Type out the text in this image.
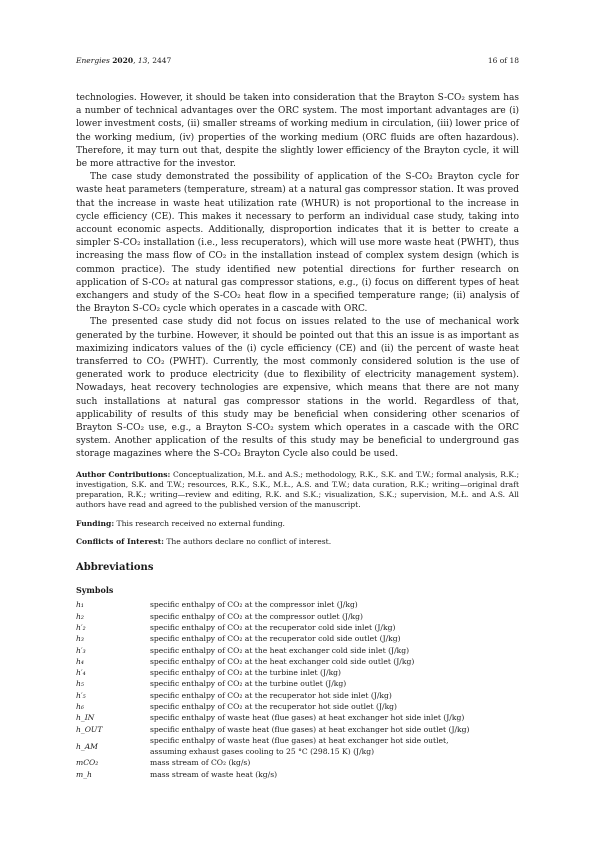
Energies 2020, 13, 2447	16 of 18

technologies. However, it should be taken into consideration that the Brayton S-CO₂ system has a number of technical advantages over the ORC system. The most important advantages are (i) lower investment costs, (ii) smaller streams of working medium in circulation, (iii) lower price of the working medium, (iv) properties of the working medium (ORC fluids are often hazardous). Therefore, it may turn out that, despite the slightly lower efficiency of the Brayton cycle, it will be more attractive for the investor.

The case study demonstrated the possibility of application of the S-CO₂ Brayton cycle for waste heat parameters (temperature, stream) at a natural gas compressor station. It was proved that the increase in waste heat utilization rate (WHUR) is not proportional to the increase in cycle efficiency (CE). This makes it necessary to perform an individual case study, taking into account economic aspects. Additionally, disproportion indicates that it is better to create a simpler S-CO₂ installation (i.e., less recuperators), which will use more waste heat (PWHT), thus increasing the mass flow of CO₂ in the installation instead of complex system design (which is common practice). The study identified new potential directions for further research on application of S-CO₂ at natural gas compressor stations, e.g., (i) focus on different types of heat exchangers and study of the S-CO₂ heat flow in a specified temperature range; (ii) analysis of the Brayton S-CO₂ cycle which operates in a cascade with ORC.

The presented case study did not focus on issues related to the use of mechanical work generated by the turbine. However, it should be pointed out that this an issue is as important as maximizing indicators values of the (i) cycle efficiency (CE) and (ii) the percent of waste heat transferred to CO₂ (PWHT). Currently, the most commonly considered solution is the use of generated work to produce electricity (due to flexibility of electricity management system). Nowadays, heat recovery technologies are expensive, which means that there are not many such installations at natural gas compressor stations in the world. Regardless of that, applicability of results of this study may be beneficial when considering other scenarios of Brayton S-CO₂ use, e.g., a Brayton S-CO₂ system which operates in a cascade with the ORC system. Another application of the results of this study may be beneficial to underground gas storage magazines where the S-CO₂ Brayton Cycle also could be used.

Author Contributions: Conceptualization, M.Ł. and A.S.; methodology, R.K., S.K. and T.W.; formal analysis, R.K.; investigation, S.K. and T.W.; resources, R.K., S.K., M.Ł., A.S. and T.W.; data curation, R.K.; writing—original draft preparation, R.K.; writing—review and editing, R.K. and S.K.; visualization, S.K.; supervision, M.Ł. and A.S. All authors have read and agreed to the published version of the manuscript.

Funding: This research received no external funding.

Conflicts of Interest: The authors declare no conflict of interest.

Abbreviations
Symbols
h₁	specific enthalpy of CO₂ at the compressor inlet (J/kg)
h₂	specific enthalpy of CO₂ at the compressor outlet (J/kg)
h′₂	specific enthalpy of CO₂ at the recuperator cold side inlet (J/kg)
h₃	specific enthalpy of CO₂ at the recuperator cold side outlet (J/kg)
h′₃	specific enthalpy of CO₂ at the heat exchanger cold side inlet (J/kg)
h₄	specific enthalpy of CO₂ at the heat exchanger cold side outlet (J/kg)
h′₄	specific enthalpy of CO₂ at the turbine inlet (J/kg)
h₅	specific enthalpy of CO₂ at the turbine outlet (J/kg)
h′₅	specific enthalpy of CO₂ at the recuperator hot side inlet (J/kg)
h₆	specific enthalpy of CO₂ at the recuperator hot side outlet (J/kg)
h_IN	specific enthalpy of waste heat (flue gases) at heat exchanger hot side inlet (J/kg)
h_OUT	specific enthalpy of waste heat (flue gases) at heat exchanger hot side outlet (J/kg)
h_AM	specific enthalpy of waste heat (flue gases) at heat exchanger hot side outlet,
assuming exhaust gases cooling to 25 °C (298.15 K) (J/kg)
mCO₂	mass stream of CO₂ (kg/s)
m_h	mass stream of waste heat (kg/s)
